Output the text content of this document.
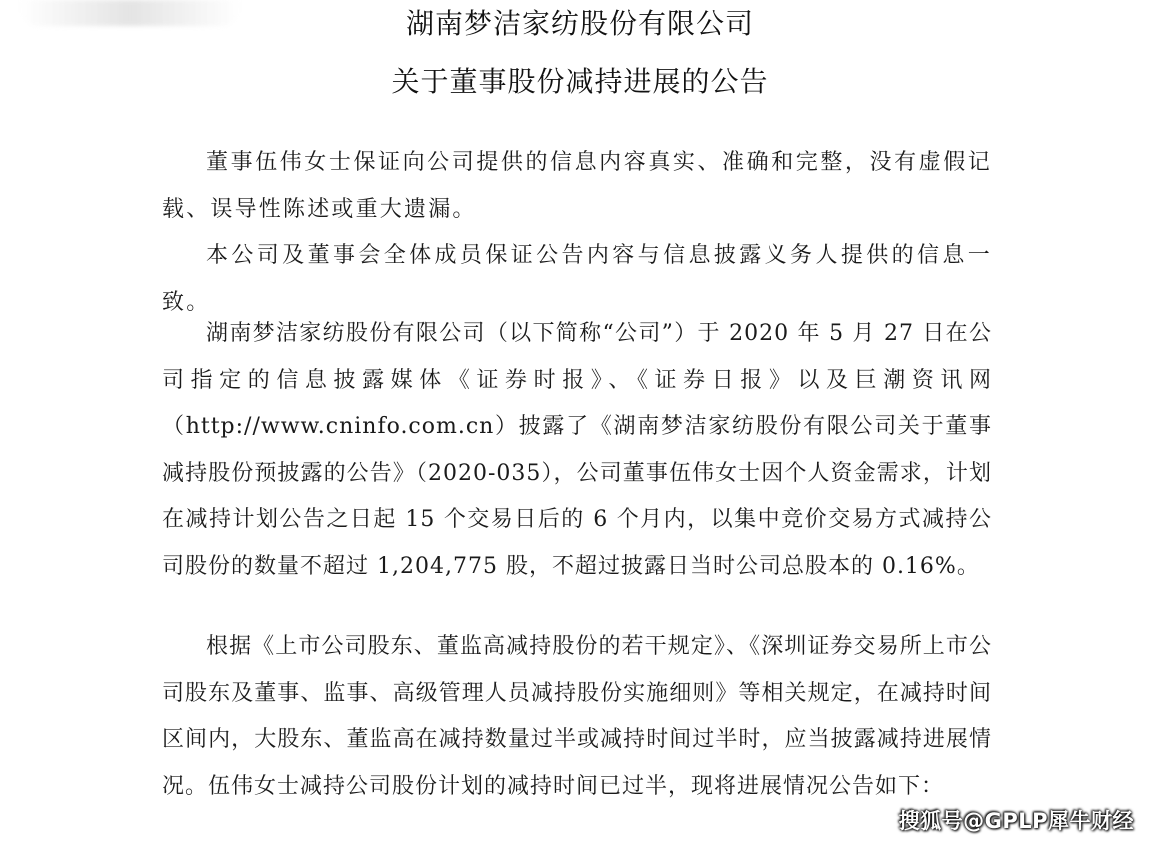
湖南梦洁家纺股份有限公司
关于董事股份减持进展的公告

董事伍伟女士保证向公司提供的信息内容真实、准确和完整，没有虚假记载、误导性陈述或重大遗漏。

本公司及董事会全体成员保证公告内容与信息披露义务人提供的信息一致。

湖南梦洁家纺股份有限公司（以下简称“公司”）于 2020 年 5 月 27 日在公司指定的信息披露媒体《证券时报》、《证券日报》以及巨潮资讯网（http://www.cninfo.com.cn）披露了《湖南梦洁家纺股份有限公司关于董事减持股份预披露的公告》（2020-035），公司董事伍伟女士因个人资金需求，计划在减持计划公告之日起 15 个交易日后的 6 个月内，以集中竞价交易方式减持公司股份的数量不超过 1,204,775 股，不超过披露日当时公司总股本的 0.16%。

根据《上市公司股东、董监高减持股份的若干规定》、《深圳证券交易所上市公司股东及董事、监事、高级管理人员减持股份实施细则》等相关规定，在减持时间区间内，大股东、董监高在减持数量过半或减持时间过半时，应当披露减持进展情况。伍伟女士减持公司股份计划的减持时间已过半，现将进展情况公告如下：

搜狐号@GPLP犀牛财经
